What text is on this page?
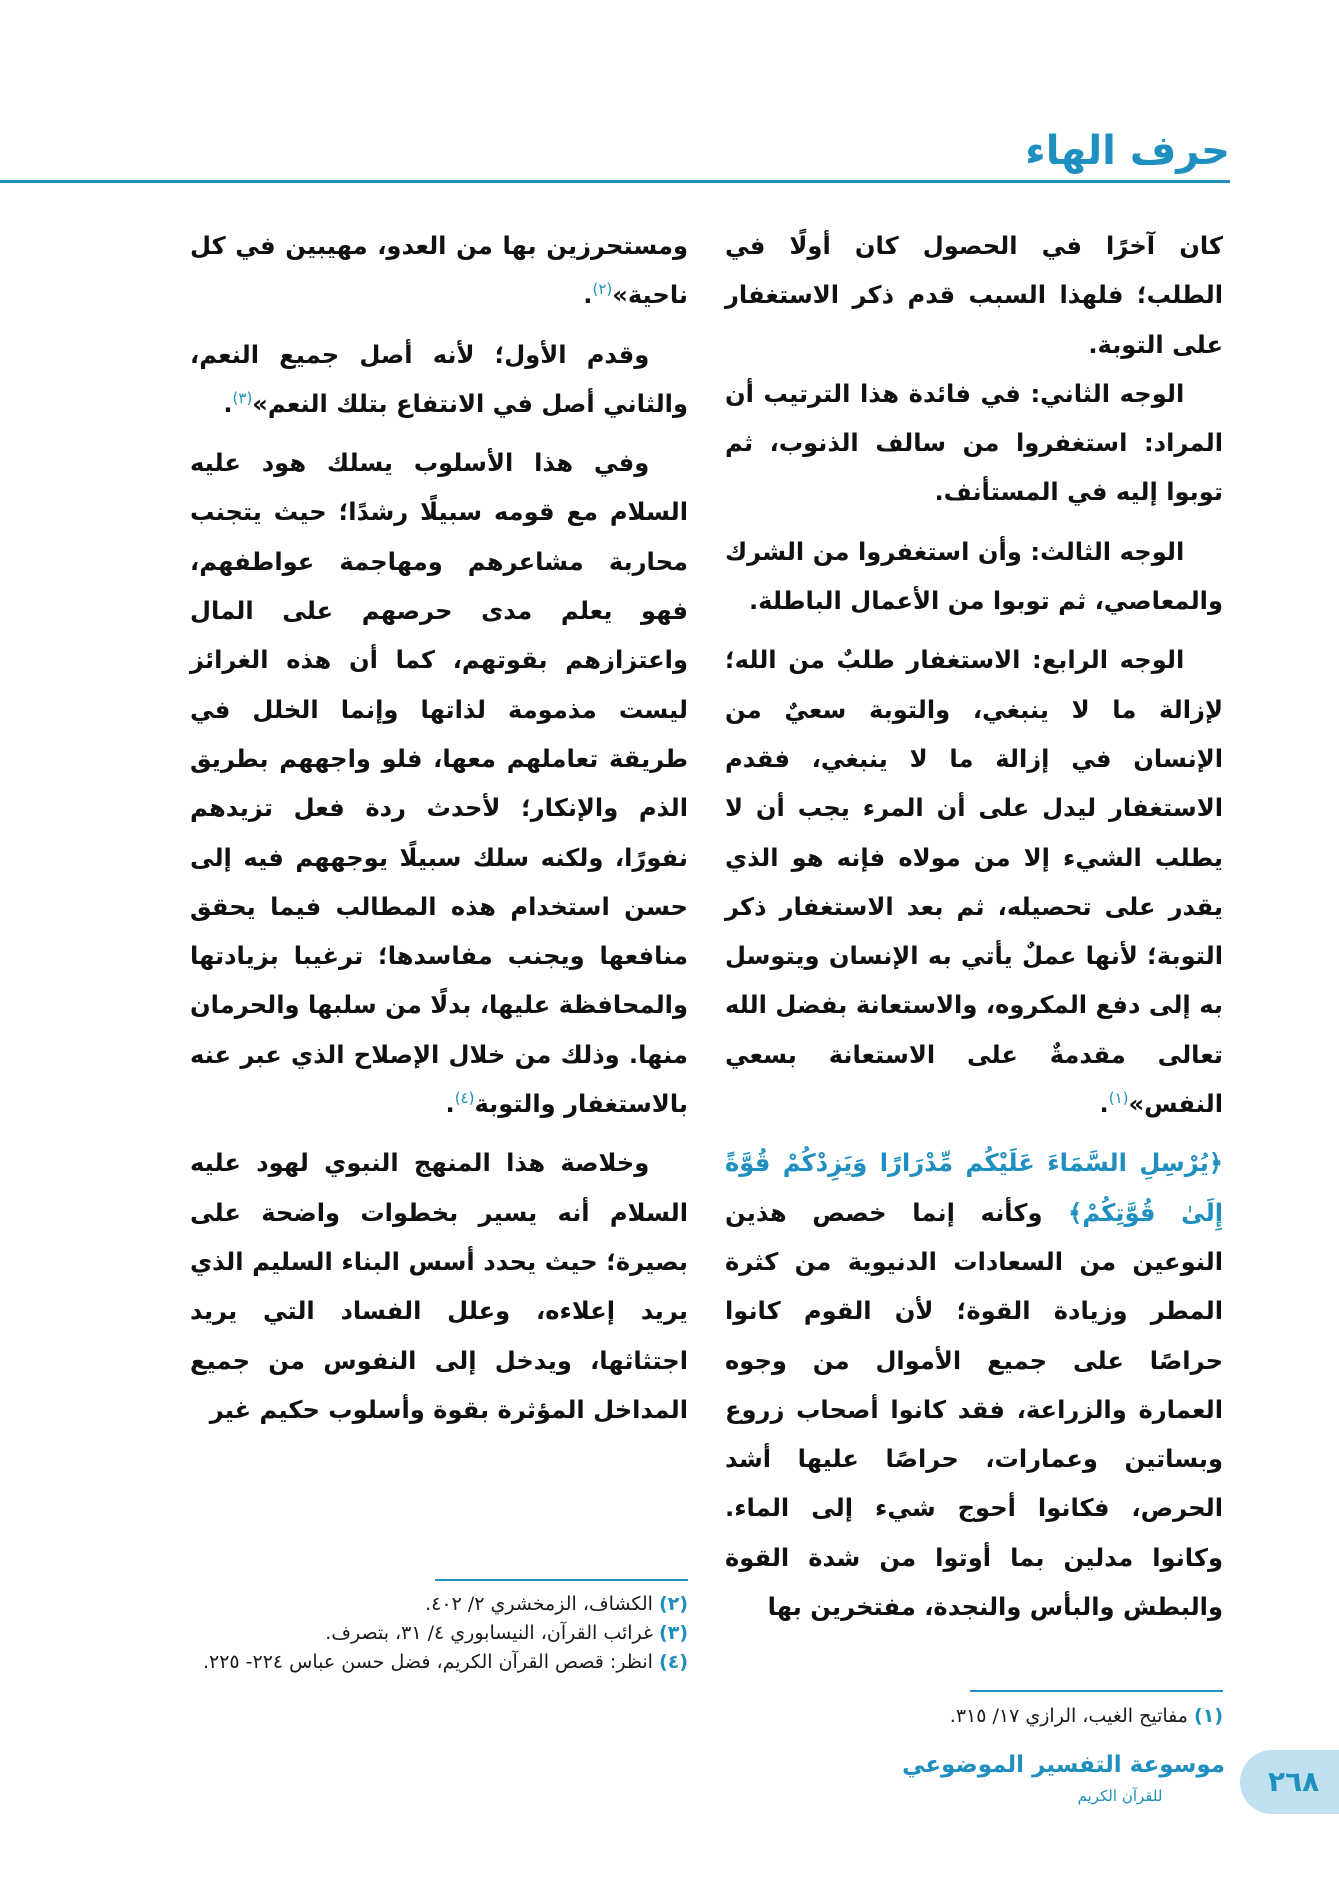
حرف الهاء

كان آخرًا في الحصول كان أولًا في الطلب؛ فلهذا السبب قدم ذكر الاستغفار على التوبة.

الوجه الثاني: في فائدة هذا الترتيب أن المراد: استغفروا من سالف الذنوب، ثم توبوا إليه في المستأنف.

الوجه الثالث: وأن استغفروا من الشرك والمعاصي، ثم توبوا من الأعمال الباطلة.

الوجه الرابع: الاستغفار طلبٌ من الله؛ لإزالة ما لا ينبغي، والتوبة سعيٌ من الإنسان في إزالة ما لا ينبغي، فقدم الاستغفار ليدل على أن المرء يجب أن لا يطلب الشيء إلا من مولاه فإنه هو الذي يقدر على تحصيله، ثم بعد الاستغفار ذكر التوبة؛ لأنها عملٌ يأتي به الإنسان ويتوسل به إلى دفع المكروه، والاستعانة بفضل الله تعالى مقدمةٌ على الاستعانة بسعي النفس»$^{(١)}$.

﴿يُرْسِلِ السَّمَاءَ عَلَيْكُم مِّدْرَارًا وَيَزِدْكُمْ قُوَّةً إِلَىٰ قُوَّتِكُمْ﴾ وكأنه إنما خصص هذين النوعين من السعادات الدنيوية من كثرة المطر وزيادة القوة؛ لأن القوم كانوا حراصًا على جميع الأموال من وجوه العمارة والزراعة، فقد كانوا أصحاب زروع وبساتين وعمارات، حراصًا عليها أشد الحرص، فكانوا أحوج شيء إلى الماء. وكانوا مدلين بما أوتوا من شدة القوة والبطش والبأس والنجدة، مفتخرين بها

ومستحرزين بها من العدو، مهيبين في كل ناحية»$^{(٢)}$.

وقدم الأول؛ لأنه أصل جميع النعم، والثاني أصل في الانتفاع بتلك النعم»$^{(٣)}$.

وفي هذا الأسلوب يسلك هود عليه السلام مع قومه سبيلًا رشدًا؛ حيث يتجنب محاربة مشاعرهم ومهاجمة عواطفهم، فهو يعلم مدى حرصهم على المال واعتزازهم بقوتهم، كما أن هذه الغرائز ليست مذمومة لذاتها وإنما الخلل في طريقة تعاملهم معها، فلو واجههم بطريق الذم والإنكار؛ لأحدث ردة فعل تزيدهم نفورًا، ولكنه سلك سبيلًا يوجههم فيه إلى حسن استخدام هذه المطالب فيما يحقق منافعها ويجنب مفاسدها؛ ترغيبا بزيادتها والمحافظة عليها، بدلًا من سلبها والحرمان منها. وذلك من خلال الإصلاح الذي عبر عنه بالاستغفار والتوبة$^{(٤)}$.

وخلاصة هذا المنهج النبوي لهود عليه السلام أنه يسير بخطوات واضحة على بصيرة؛ حيث يحدد أسس البناء السليم الذي يريد إعلاءه، وعلل الفساد التي يريد اجتثاثها، ويدخل إلى النفوس من جميع المداخل المؤثرة بقوة وأسلوب حكيم غير

(٢) الكشاف، الزمخشري ٢/ ٤٠٢.

(٣) غرائب القرآن، النيسابوري ٤/ ٣١، بتصرف.

(٤) انظر: قصص القرآن الكريم، فضل حسن عباس ٢٢٤- ٢٢٥.

(١) مفاتيح الغيب، الرازي ١٧/ ٣١٥.

موسوعة التفسير الموضوعي
للقرآن الكريم	٢٦٨
